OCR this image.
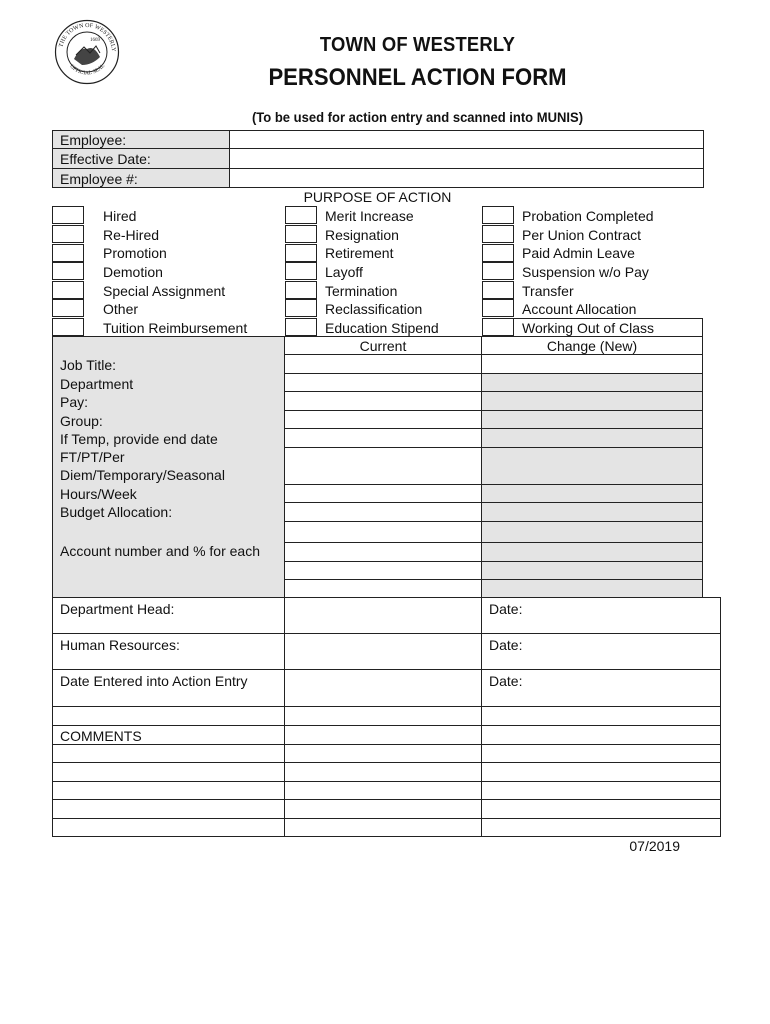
THE TOWN OF WESTERLY
OFFICIAL SEAL
1669	TOWN OF WESTERLY
PERSONNEL ACTION FORM
(To be used for action entry and scanned into MUNIS)
Employee:
Effective Date:
Employee #:
PURPOSE OF ACTION
Hired
Re-Hired
Promotion
Demotion
Special Assignment
Other
Tuition Reimbursement
Merit Increase
Resignation
Retirement
Layoff
Termination
Reclassification
Education Stipend
Probation Completed
Per Union Contract
Paid Admin Leave
Suspension w/o Pay
Transfer
Account Allocation
Working Out of Class
Current	Change (New)
Job Title:
Department
Pay:
Group:
If Temp, provide end date
FT/PT/Per Diem/Temporary/Seasonal
Hours/Week
Budget Allocation:
Account number and % for each
Department Head:
Human Resources:
Date Entered into Action Entry
Date:
Date:
Date:
COMMENTS
07/2019
